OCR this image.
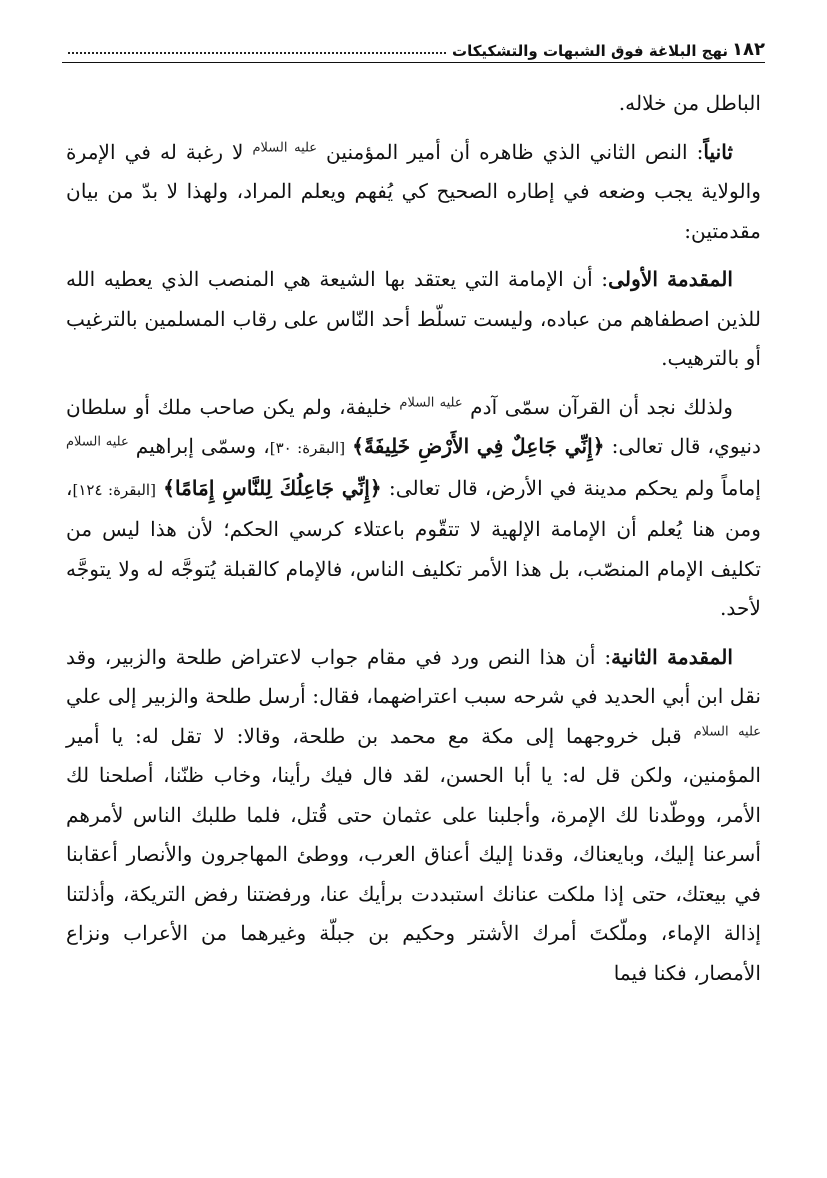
١٨٢
نهج البلاغة فوق الشبهات والتشكيكات

الباطل من خلاله.

ثانياً: النص الثاني الذي ظاهره أن أمير المؤمنين $^{عليه السلام}$ لا رغبة له في الإمرة والولاية يجب وضعه في إطاره الصحيح كي يُفهم ويعلم المراد، ولهذا لا بدّ من بيان مقدمتين:

المقدمة الأولى: أن الإمامة التي يعتقد بها الشيعة هي المنصب الذي يعطيه الله للذين اصطفاهم من عباده، وليست تسلّط أحد النّاس على رقاب المسلمين بالترغيب أو بالترهيب.

ولذلك نجد أن القرآن سمّى آدم $^{عليه السلام}$ خليفة، ولم يكن صاحب ملك أو سلطان دنيوي، قال تعالى: ﴿إِنِّي جَاعِلٌ فِي الأَرْضِ خَلِيفَةً﴾ [البقرة: ٣٠]، وسمّى إبراهيم $^{عليه السلام}$ إماماً ولم يحكم مدينة في الأرض، قال تعالى: ﴿إِنِّي جَاعِلُكَ لِلنَّاسِ إِمَامًا﴾ [البقرة: ١٢٤]، ومن هنا يُعلم أن الإمامة الإلهية لا تتقّوم باعتلاء كرسي الحكم؛ لأن هذا ليس من تكليف الإمام المنصّب، بل هذا الأمر تكليف الناس، فالإمام كالقبلة يُتوجَّه له ولا يتوجَّه لأحد.

المقدمة الثانية: أن هذا النص ورد في مقام جواب لاعتراض طلحة والزبير، وقد نقل ابن أبي الحديد في شرحه سبب اعتراضهما، فقال: أرسل طلحة والزبير إلى علي $^{عليه السلام}$ قبل خروجهما إلى مكة مع محمد بن طلحة، وقالا: لا تقل له: يا أمير المؤمنين، ولكن قل له: يا أبا الحسن، لقد فال فيك رأينا، وخاب ظنّنا، أصلحنا لك الأمر، ووطّدنا لك الإمرة، وأجلبنا على عثمان حتى قُتل، فلما طلبك الناس لأمرهم أسرعنا إليك، وبايعناك، وقدنا إليك أعناق العرب، ووطئ المهاجرون والأنصار أعقابنا في بيعتك، حتى إذا ملكت عنانك استبددت برأيك عنا، ورفضتنا رفض التريكة، وأذلتنا إذالة الإماء، وملّكتَ أمرك الأشتر وحكيم بن جبلّة وغيرهما من الأعراب ونزاع الأمصار، فكنا فيما
